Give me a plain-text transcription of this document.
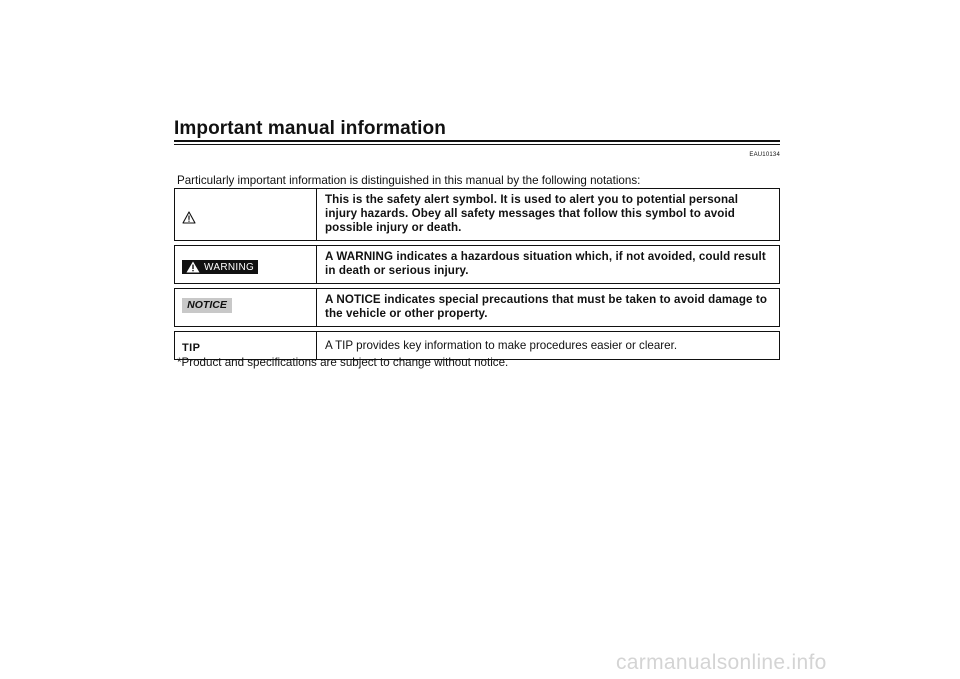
Important manual information
EAU10134
Particularly important information is distinguished in this manual by the following notations:
This is the safety alert symbol. It is used to alert you to potential personal injury hazards. Obey all safety messages that follow this symbol to avoid possible injury or death.
WARNING
A WARNING indicates a hazardous situation which, if not avoided, could result in death or serious injury.
NOTICE	A NOTICE indicates special precautions that must be taken to avoid damage to the vehicle or other property.
TIP	A TIP provides key information to make procedures easier or clearer.
*Product and specifications are subject to change without notice.
carmanualsonline.info
